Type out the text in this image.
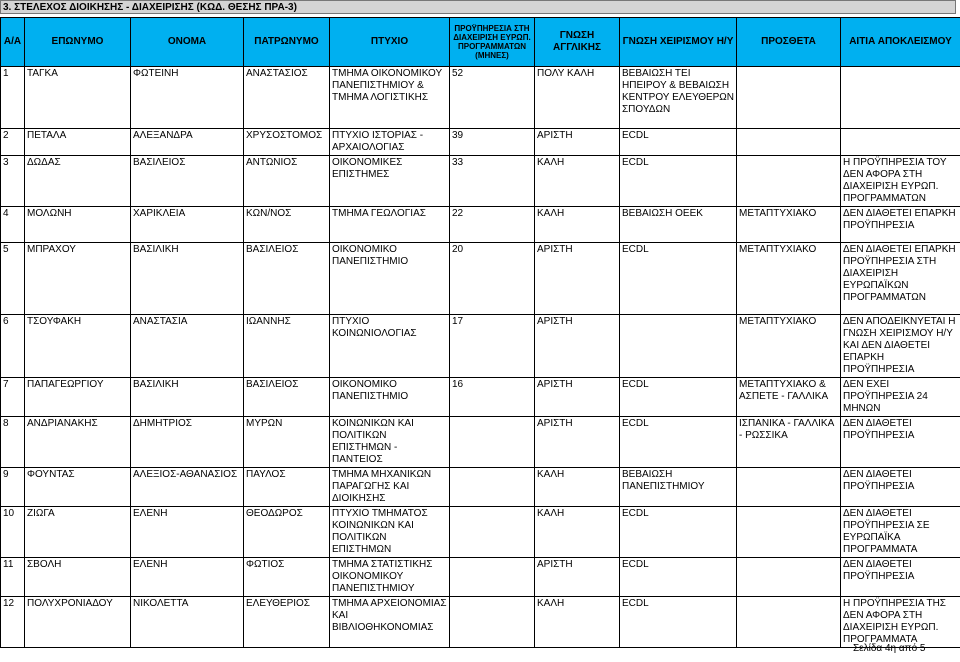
3. ΣΤΕΛΕΧΟΣ ΔΙΟΙΚΗΣΗΣ - ΔΙΑΧΕΙΡΙΣΗΣ (ΚΩΔ. ΘΕΣΗΣ ΠΡΑ-3)
Α/Α	ΕΠΩΝΥΜΟ	ΟΝΟΜΑ	ΠΑΤΡΩΝΥΜΟ	ΠΤΥΧΙΟ	ΠΡΟΫΠΗΡΕΣΙΑ ΣΤΗ ΔΙΑΧΕΙΡΙΣΗ ΕΥΡΩΠ. ΠΡΟΓΡΑΜΜΑΤΩΝ (ΜΗΝΕΣ)	ΓΝΩΣΗ ΑΓΓΛΙΚΗΣ	ΓΝΩΣΗ ΧΕΙΡΙΣΜΟΥ Η/Υ	ΠΡΟΣΘΕΤΑ	ΑΙΤΙΑ ΑΠΟΚΛΕΙΣΜΟΥ
1	ΤΑΓΚΑ	ΦΩΤΕΙΝΗ	ΑΝΑΣΤΑΣΙΟΣ	ΤΜΗΜΑ ΟΙΚΟΝΟΜΙΚΟΥ ΠΑΝΕΠΙΣΤΗΜΙΟΥ & ΤΜΗΜΑ ΛΟΓΙΣΤΙΚΗΣ	52	ΠΟΛΥ ΚΑΛΗ	ΒΕΒΑΙΩΣΗ ΤΕΙ ΗΠΕΙΡΟΥ & ΒΕΒΑΙΩΣΗ ΚΕΝΤΡΟΥ ΕΛΕΥΘΕΡΩΝ ΣΠΟΥΔΩΝ		
2	ΠΕΤΑΛΑ	ΑΛΕΞΑΝΔΡΑ	ΧΡΥΣΟΣΤΟΜΟΣ	ΠΤΥΧΙΟ ΙΣΤΟΡΙΑΣ - ΑΡΧΑΙΟΛΟΓΙΑΣ	39	ΑΡΙΣΤΗ	ECDL		
3	ΔΩΔΑΣ	ΒΑΣΙΛΕΙΟΣ	ΑΝΤΩΝΙΟΣ	ΟΙΚΟΝΟΜΙΚΕΣ ΕΠΙΣΤΗΜΕΣ	33	ΚΑΛΗ	ECDL		Η ΠΡΟΫΠΗΡΕΣΙΑ ΤΟΥ ΔΕΝ ΑΦΟΡΑ ΣΤΗ ΔΙΑΧΕΙΡΙΣΗ ΕΥΡΩΠ. ΠΡΟΓΡΑΜΜΑΤΩΝ
4	ΜΟΛΩΝΗ	ΧΑΡΙΚΛΕΙΑ	ΚΩΝ/ΝΟΣ	ΤΜΗΜΑ ΓΕΩΛΟΓΙΑΣ	22	ΚΑΛΗ	ΒΕΒΑΙΩΣΗ ΟΕΕΚ	ΜΕΤΑΠΤΥΧΙΑΚΟ	ΔΕΝ ΔΙΑΘΕΤΕΙ ΕΠΑΡΚΗ ΠΡΟΫΠΗΡΕΣΙΑ
5	ΜΠΡΑΧΟΥ	ΒΑΣΙΛΙΚΗ	ΒΑΣΙΛΕΙΟΣ	ΟΙΚΟΝΟΜΙΚΟ ΠΑΝΕΠΙΣΤΗΜΙΟ	20	ΑΡΙΣΤΗ	ECDL	ΜΕΤΑΠΤΥΧΙΑΚΟ	ΔΕΝ ΔΙΑΘΕΤΕΙ ΕΠΑΡΚΗ ΠΡΟΫΠΗΡΕΣΙΑ ΣΤΗ ΔΙΑΧΕΙΡΙΣΗ ΕΥΡΩΠΑΪΚΩΝ ΠΡΟΓΡΑΜΜΑΤΩΝ
6	ΤΣΟΥΦΑΚΗ	ΑΝΑΣΤΑΣΙΑ	ΙΩΑΝΝΗΣ	ΠΤΥΧΙΟ ΚΟΙΝΩΝΙΟΛΟΓΙΑΣ	17	ΑΡΙΣΤΗ		ΜΕΤΑΠΤΥΧΙΑΚΟ	ΔΕΝ ΑΠΟΔΕΙΚΝΥΕΤΑΙ Η ΓΝΩΣΗ ΧΕΙΡΙΣΜΟΥ Η/Υ ΚΑΙ ΔΕΝ ΔΙΑΘΕΤΕΙ ΕΠΑΡΚΗ ΠΡΟΫΠΗΡΕΣΙΑ
7	ΠΑΠΑΓΕΩΡΓΙΟΥ	ΒΑΣΙΛΙΚΗ	ΒΑΣΙΛΕΙΟΣ	ΟΙΚΟΝΟΜΙΚΟ ΠΑΝΕΠΙΣΤΗΜΙΟ	16	ΑΡΙΣΤΗ	ECDL	ΜΕΤΑΠΤΥΧΙΑΚΟ & ΑΣΠΕΤΕ - ΓΑΛΛΙΚΑ	ΔΕΝ ΕΧΕΙ ΠΡΟΫΠΗΡΕΣΙΑ 24 ΜΗΝΩΝ
8	ΑΝΔΡΙΑΝΑΚΗΣ	ΔΗΜΗΤΡΙΟΣ	ΜΥΡΩΝ	ΚΟΙΝΩΝΙΚΩΝ ΚΑΙ ΠΟΛΙΤΙΚΩΝ ΕΠΙΣΤΗΜΩΝ - ΠΑΝΤΕΙΟΣ		ΑΡΙΣΤΗ	ECDL	ΙΣΠΑΝΙΚΑ - ΓΑΛΛΙΚΑ - ΡΩΣΣΙΚΑ	ΔΕΝ ΔΙΑΘΕΤΕΙ ΠΡΟΫΠΗΡΕΣΙΑ
9	ΦΟΥΝΤΑΣ	ΑΛΕΞΙΟΣ-ΑΘΑΝΑΣΙΟΣ	ΠΑΥΛΟΣ	ΤΜΗΜΑ ΜΗΧΑΝΙΚΩΝ ΠΑΡΑΓΩΓΗΣ ΚΑΙ ΔΙΟΙΚΗΣΗΣ		ΚΑΛΗ	ΒΕΒΑΙΩΣΗ ΠΑΝΕΠΙΣΤΗΜΙΟΥ		ΔΕΝ ΔΙΑΘΕΤΕΙ ΠΡΟΫΠΗΡΕΣΙΑ
10	ΖΙΩΓΑ	ΕΛΕΝΗ	ΘΕΟΔΩΡΟΣ	ΠΤΥΧΙΟ ΤΜΗΜΑΤΟΣ ΚΟΙΝΩΝΙΚΩΝ ΚΑΙ ΠΟΛΙΤΙΚΩΝ ΕΠΙΣΤΗΜΩΝ		ΚΑΛΗ	ECDL		ΔΕΝ ΔΙΑΘΕΤΕΙ ΠΡΟΫΠΗΡΕΣΙΑ ΣΕ ΕΥΡΩΠΑΪΚΑ ΠΡΟΓΡΑΜΜΑΤΑ
11	ΣΒΟΛΗ	ΕΛΕΝΗ	ΦΩΤΙΟΣ	ΤΜΗΜΑ ΣΤΑΤΙΣΤΙΚΗΣ ΟΙΚΟΝΟΜΙΚΟΥ ΠΑΝΕΠΙΣΤΗΜΙΟΥ		ΑΡΙΣΤΗ	ECDL		ΔΕΝ ΔΙΑΘΕΤΕΙ ΠΡΟΫΠΗΡΕΣΙΑ
12	ΠΟΛΥΧΡΟΝΙΑΔΟΥ	ΝΙΚΟΛΕΤΤΑ	ΕΛΕΥΘΕΡΙΟΣ	ΤΜΗΜΑ ΑΡΧΕΙΟΝΟΜΙΑΣ ΚΑΙ ΒΙΒΛΙΟΘΗΚΟΝΟΜΙΑΣ		ΚΑΛΗ	ECDL		Η ΠΡΟΫΠΗΡΕΣΙΑ ΤΗΣ ΔΕΝ ΑΦΟΡΑ ΣΤΗ ΔΙΑΧΕΙΡΙΣΗ ΕΥΡΩΠ. ΠΡΟΓΡΑΜΜΑΤΑ
Σελίδα 4η από 5
